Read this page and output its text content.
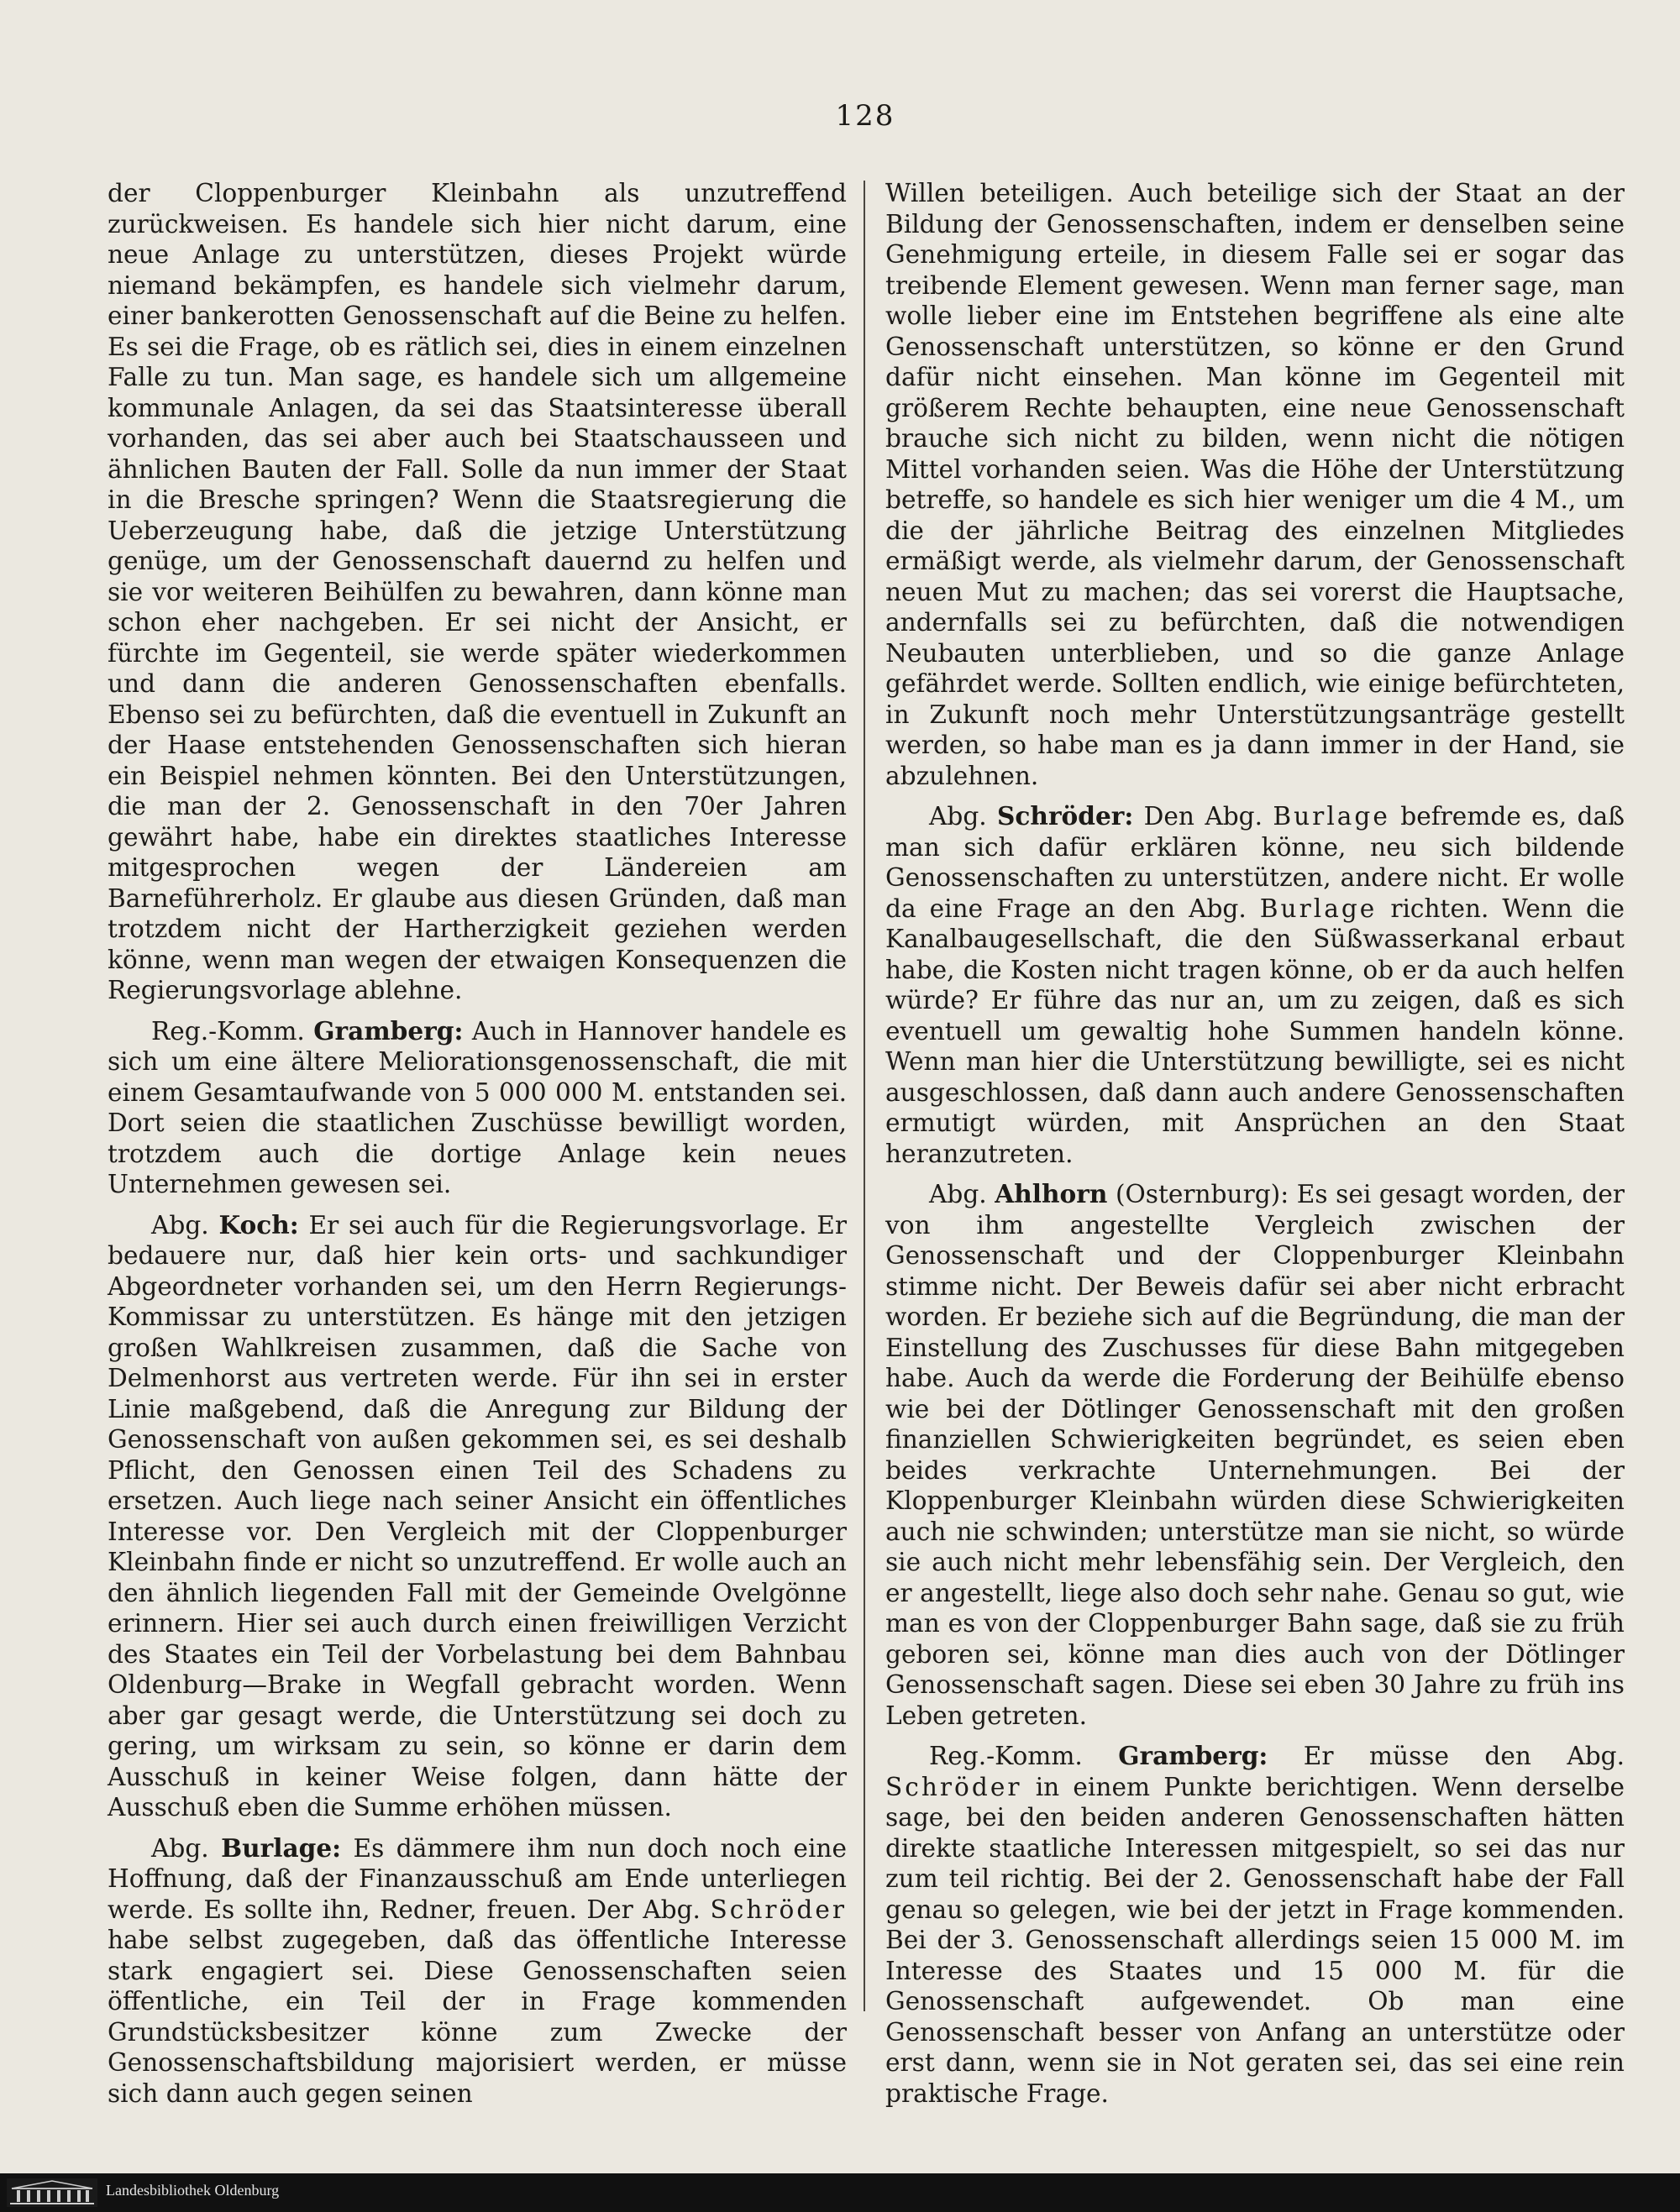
128

der Cloppenburger Kleinbahn als unzutreffend zurückweisen. Es handele sich hier nicht darum, eine neue Anlage zu unterstützen, dieses Projekt würde niemand bekämpfen, es handele sich vielmehr darum, einer bankerotten Genossenschaft auf die Beine zu helfen. Es sei die Frage, ob es rätlich sei, dies in einem einzelnen Falle zu tun. Man sage, es handele sich um allgemeine kommunale Anlagen, da sei das Staatsinteresse überall vorhanden, das sei aber auch bei Staatschausseen und ähnlichen Bauten der Fall. Solle da nun immer der Staat in die Bresche springen? Wenn die Staatsregierung die Ueberzeugung habe, daß die jetzige Unterstützung genüge, um der Genossenschaft dauernd zu helfen und sie vor weiteren Beihülfen zu bewahren, dann könne man schon eher nachgeben. Er sei nicht der Ansicht, er fürchte im Gegenteil, sie werde später wiederkommen und dann die anderen Genossenschaften ebenfalls. Ebenso sei zu befürchten, daß die eventuell in Zukunft an der Haase entstehenden Genossenschaften sich hieran ein Beispiel nehmen könnten. Bei den Unterstützungen, die man der 2. Genossenschaft in den 70er Jahren gewährt habe, habe ein direktes staatliches Interesse mitgesprochen wegen der Ländereien am Barneführerholz. Er glaube aus diesen Gründen, daß man trotzdem nicht der Hartherzigkeit geziehen werden könne, wenn man wegen der etwaigen Konsequenzen die Regierungsvorlage ablehne.

Reg.-Komm. Gramberg: Auch in Hannover handele es sich um eine ältere Meliorationsgenossenschaft, die mit einem Gesamtaufwande von 5 000 000 M. entstanden sei. Dort seien die staatlichen Zuschüsse bewilligt worden, trotzdem auch die dortige Anlage kein neues Unternehmen gewesen sei.

Abg. Koch: Er sei auch für die Regierungsvorlage. Er bedauere nur, daß hier kein orts- und sachkundiger Abgeordneter vorhanden sei, um den Herrn Regierungs-Kommissar zu unterstützen. Es hänge mit den jetzigen großen Wahlkreisen zusammen, daß die Sache von Delmenhorst aus vertreten werde. Für ihn sei in erster Linie maßgebend, daß die Anregung zur Bildung der Genossenschaft von außen gekommen sei, es sei deshalb Pflicht, den Genossen einen Teil des Schadens zu ersetzen. Auch liege nach seiner Ansicht ein öffentliches Interesse vor. Den Vergleich mit der Cloppenburger Kleinbahn finde er nicht so unzutreffend. Er wolle auch an den ähnlich liegenden Fall mit der Gemeinde Ovelgönne erinnern. Hier sei auch durch einen freiwilligen Verzicht des Staates ein Teil der Vorbelastung bei dem Bahnbau Oldenburg—Brake in Wegfall gebracht worden. Wenn aber gar gesagt werde, die Unterstützung sei doch zu gering, um wirksam zu sein, so könne er darin dem Ausschuß in keiner Weise folgen, dann hätte der Ausschuß eben die Summe erhöhen müssen.

Abg. Burlage: Es dämmere ihm nun doch noch eine Hoffnung, daß der Finanzausschuß am Ende unterliegen werde. Es sollte ihn, Redner, freuen. Der Abg. Schröder habe selbst zugegeben, daß das öffentliche Interesse stark engagiert sei. Diese Genossenschaften seien öffentliche, ein Teil der in Frage kommenden Grundstücksbesitzer könne zum Zwecke der Genossenschaftsbildung majorisiert werden, er müsse sich dann auch gegen seinen

Willen beteiligen. Auch beteilige sich der Staat an der Bildung der Genossenschaften, indem er denselben seine Genehmigung erteile, in diesem Falle sei er sogar das treibende Element gewesen. Wenn man ferner sage, man wolle lieber eine im Entstehen begriffene als eine alte Genossenschaft unterstützen, so könne er den Grund dafür nicht einsehen. Man könne im Gegenteil mit größerem Rechte behaupten, eine neue Genossenschaft brauche sich nicht zu bilden, wenn nicht die nötigen Mittel vorhanden seien. Was die Höhe der Unterstützung betreffe, so handele es sich hier weniger um die 4 M., um die der jährliche Beitrag des einzelnen Mitgliedes ermäßigt werde, als vielmehr darum, der Genossenschaft neuen Mut zu machen; das sei vorerst die Hauptsache, andernfalls sei zu befürchten, daß die notwendigen Neubauten unterblieben, und so die ganze Anlage gefährdet werde. Sollten endlich, wie einige befürchteten, in Zukunft noch mehr Unterstützungsanträge gestellt werden, so habe man es ja dann immer in der Hand, sie abzulehnen.

Abg. Schröder: Den Abg. Burlage befremde es, daß man sich dafür erklären könne, neu sich bildende Genossenschaften zu unterstützen, andere nicht. Er wolle da eine Frage an den Abg. Burlage richten. Wenn die Kanalbaugesellschaft, die den Süßwasserkanal erbaut habe, die Kosten nicht tragen könne, ob er da auch helfen würde? Er führe das nur an, um zu zeigen, daß es sich eventuell um gewaltig hohe Summen handeln könne. Wenn man hier die Unterstützung bewilligte, sei es nicht ausgeschlossen, daß dann auch andere Genossenschaften ermutigt würden, mit Ansprüchen an den Staat heranzutreten.

Abg. Ahlhorn (Osternburg): Es sei gesagt worden, der von ihm angestellte Vergleich zwischen der Genossenschaft und der Cloppenburger Kleinbahn stimme nicht. Der Beweis dafür sei aber nicht erbracht worden. Er beziehe sich auf die Begründung, die man der Einstellung des Zuschusses für diese Bahn mitgegeben habe. Auch da werde die Forderung der Beihülfe ebenso wie bei der Dötlinger Genossenschaft mit den großen finanziellen Schwierigkeiten begründet, es seien eben beides verkrachte Unternehmungen. Bei der Kloppenburger Kleinbahn würden diese Schwierigkeiten auch nie schwinden; unterstütze man sie nicht, so würde sie auch nicht mehr lebensfähig sein. Der Vergleich, den er angestellt, liege also doch sehr nahe. Genau so gut, wie man es von der Cloppenburger Bahn sage, daß sie zu früh geboren sei, könne man dies auch von der Dötlinger Genossenschaft sagen. Diese sei eben 30 Jahre zu früh ins Leben getreten.

Reg.-Komm. Gramberg: Er müsse den Abg. Schröder in einem Punkte berichtigen. Wenn derselbe sage, bei den beiden anderen Genossenschaften hätten direkte staatliche Interessen mitgespielt, so sei das nur zum teil richtig. Bei der 2. Genossenschaft habe der Fall genau so gelegen, wie bei der jetzt in Frage kommenden. Bei der 3. Genossenschaft allerdings seien 15 000 M. im Interesse des Staates und 15 000 M. für die Genossenschaft aufgewendet. Ob man eine Genossenschaft besser von Anfang an unterstütze oder erst dann, wenn sie in Not geraten sei, das sei eine rein praktische Frage.

Landesbibliothek Oldenburg
